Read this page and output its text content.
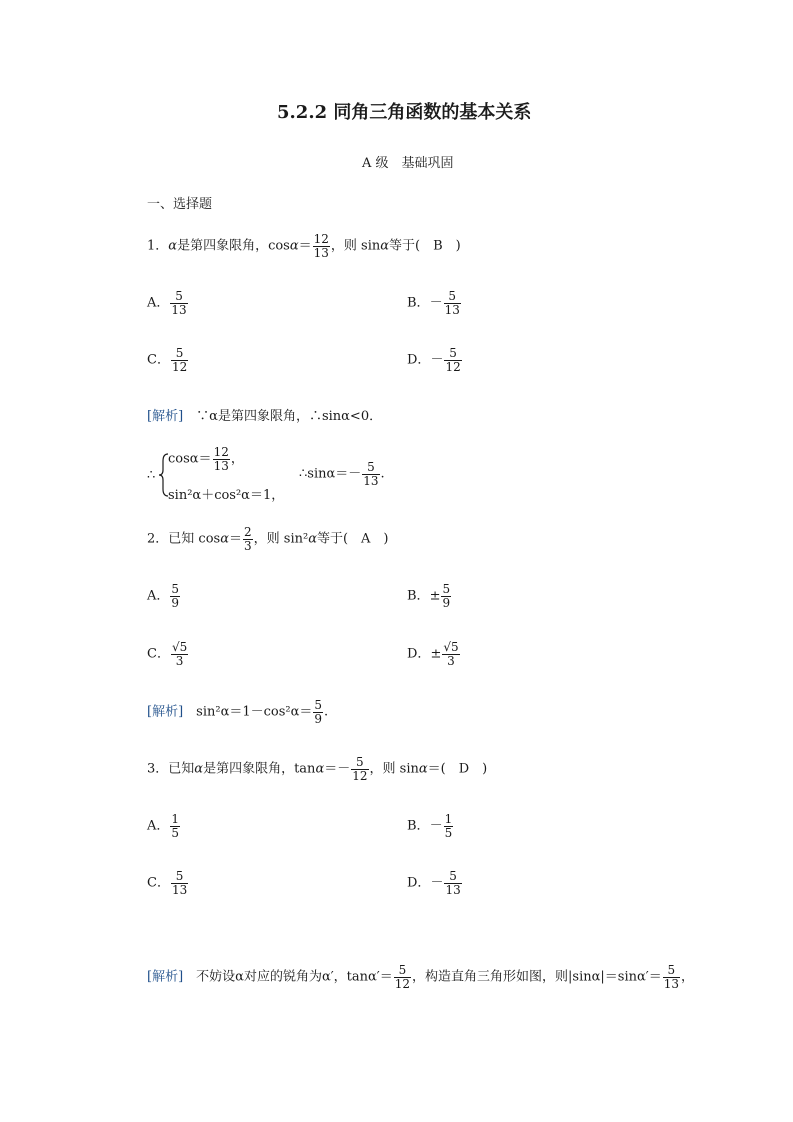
5.2.2 同角三角函数的基本关系
A 级　基础巩固
一、选择题
1．α是第四象限角，$\cos\alpha= \frac{12}{13}$ ，则 sinα等于(　B　)
A． $\frac{5}{13}$	B．－ $\frac{5}{13}$
C． $\frac{5}{12}$	D．－ $\frac{5}{12}$
[解析]　 ∵α是第四象限角，∴sinα<0．
∴
$\cos\alpha= \frac{12}{13}$ ，
sin²α＋cos²α＝1，
∴sinα＝－ $\frac{5}{13}$ .
2．已知 $\cos\alpha= \frac{2}{3}$ ，则 sin²α等于(　A　)
A． $\frac{5}{9}$	B．± $\frac{5}{9}$
C． $\frac{√5}{3}$	D．± $\frac{√5}{3}$
[解析]　 $\sin^2\alpha=1-\cos^2\alpha= \frac{5}{9}$ .
3．已知α是第四象限角，$\tan\alpha=- \frac{5}{12}$ ，则 sinα＝(　D　)
A． $\frac{1}{5}$	B．－ $\frac{1}{5}$
C． $\frac{5}{13}$	D．－ $\frac{5}{13}$
[解析]　 不妨设α对应的锐角为α′，$\tan\alpha'= \frac{5}{12}$ ，构造直角三角形如图，则$|\sin\alpha|=\sin\alpha'= \frac{5}{13}$ ，
